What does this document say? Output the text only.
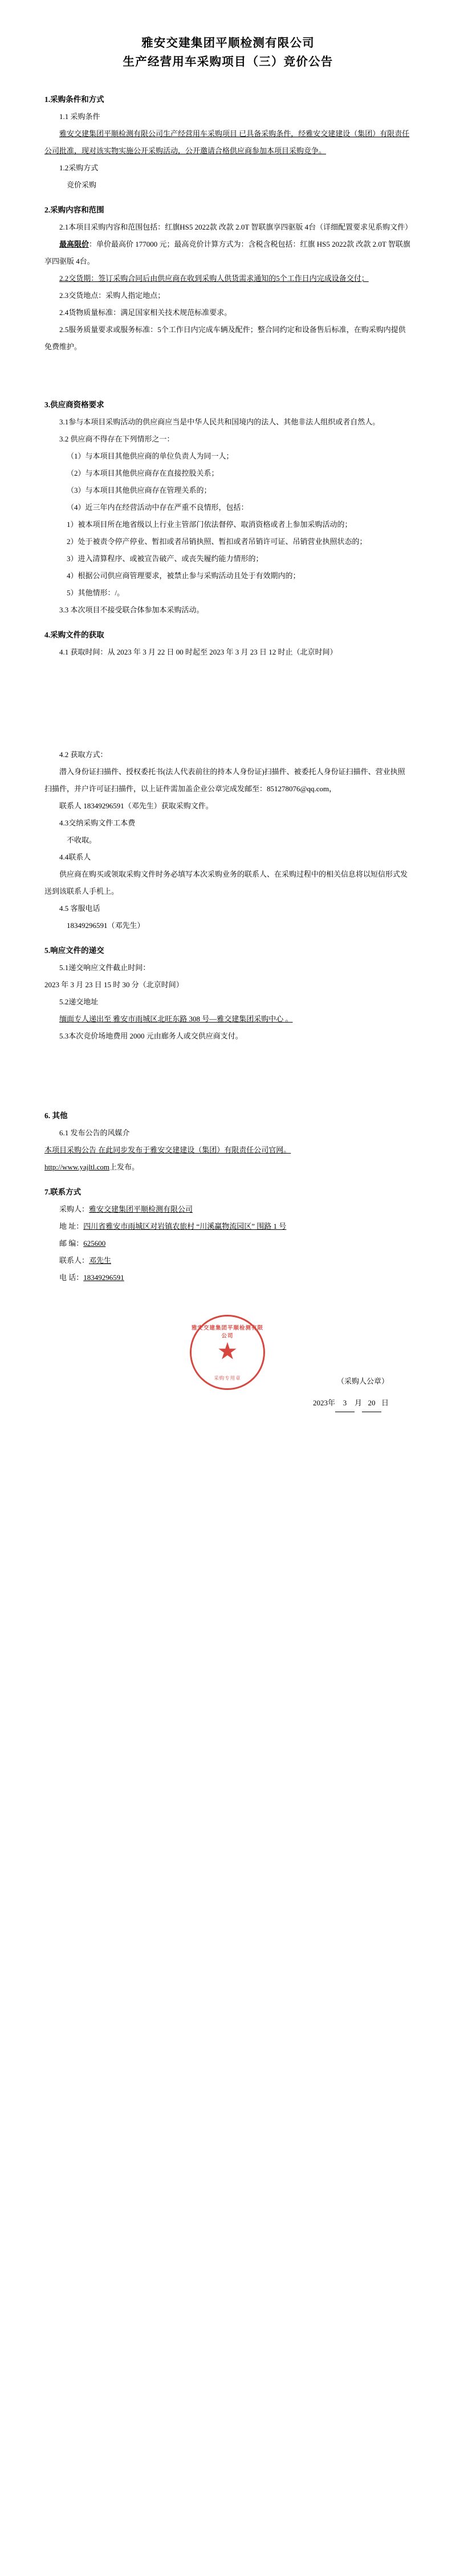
雅安交建集团平顺检测有限公司
生产经营用车采购项目（三）竞价公告
1.采购条件和方式
1.1 采购条件
雅安交建集团平顺检测有限公司生产经营用车采购项目 已具备采购条件，经雅安交建建设（集团）有限责任公司批准，现对该实物实施公开采购活动，公开邀请合格供应商参加本项目采购竞争。
1.2采购方式
竞价采购
2.采购内容和范围
2.1本项目采购内容和范围包括：红旗HS5 2022款 改款 2.0T 智联旗享四驱版 4台（详细配置要求见系购文件）
最高限价：单价最高价 177000 元；最高竞价计算方式为：含税含税包括：红旗 HS5 2022款 改款 2.0T 智联旗享四驱版 4台。
2.2交货期：签订采购合同后由供应商在收到采购人供货需求通知的5个工作日内完成设备交付；
2.3交货地点：采购人指定地点；
2.4货物质量标准：满足国家相关技术规范标准要求。
2.5服务质量要求或服务标准：5个工作日内完成车辆及配件；整合同约定和设备售后标准，在购采购内提供免费维护。
3.供应商资格要求
3.1参与本项目采购活动的供应商应当是中华人民共和国境内的法人、其他非法人组织或者自然人。
3.2 供应商不得存在下列情形之一：
（1）与本项目其他供应商的单位负责人为同一人；
（2）与本项目其他供应商存在直接控股关系；
（3）与本项目其他供应商存在管理关系的；
（4）近三年内在经营活动中存在严重不良情形，包括：
1）被本项目所在地省级以上行业主管部门依法督停、取消资格或者上参加采购活动的；
2）处于被责令停产停业、暂扣或者吊销执照、暂扣或者吊销许可证、吊销营业执照状态的；
3）进入清算程序、或被宣告破产、或丧失履约能力情形的；
4）根据公司供应商管理要求，被禁止参与采购活动且处于有效期内的；
5）其他情形：/。
3.3 本次项目不接受联合体参加本采购活动。
4.采购文件的获取
4.1 获取时间：从 2023 年 3 月 22 日 00 时起至 2023 年 3 月 23 日 12 时止（北京时间）
4.2 获取方式：
潜入身份证扫描件、授权委托书(法人代表前往的持本人身份证)扫描件、被委托人身份证扫描件、营业执照扫描件，并户许可证扫描件，以上证件需加盖企业公章完成发邮至：851278076@qq.com，
联系人 18349296591（邓先生）获取采购文件。
4.3交纳采购文件工本费
不收取。
4.4联系人
供应商在购买或领取采购文件时务必填写本次采购业务的联系人、在采购过程中的相关信息将以短信形式发送到该联系人手机上。
4.5 客服电话
18349296591（邓先生）
5.响应文件的递交
5.1递交响应文件截止时间：
2023 年 3 月 23 日 15 时 30 分（北京时间）
5.2递交地址
缅面专人递出至 雅安市雨城区北旺东路 308 号—雅交建集团采购中心 。
5.3本次竞价场地费用 2000 元由廊务人或交供应商支付。
6. 其他
6.1 发布公告的风媒介
本项目采购公告 在此同步发布于雅安交建建设（集团）有限责任公司官网。
http://www.yajltl.com上发布。
7.联系方式
采购人：雅安交建集团平顺检测有限公司
地 址：四川省雅安市雨城区对岩镇农旅村 “川溪赢物流园区” 围路 1 号
邮 编：625600
联系人：邓先生
电 话：18349296591
雅安交建集团平顺检测有限公司
★
采购专用章	（采购人公章）
2023年 3 月 20 日
